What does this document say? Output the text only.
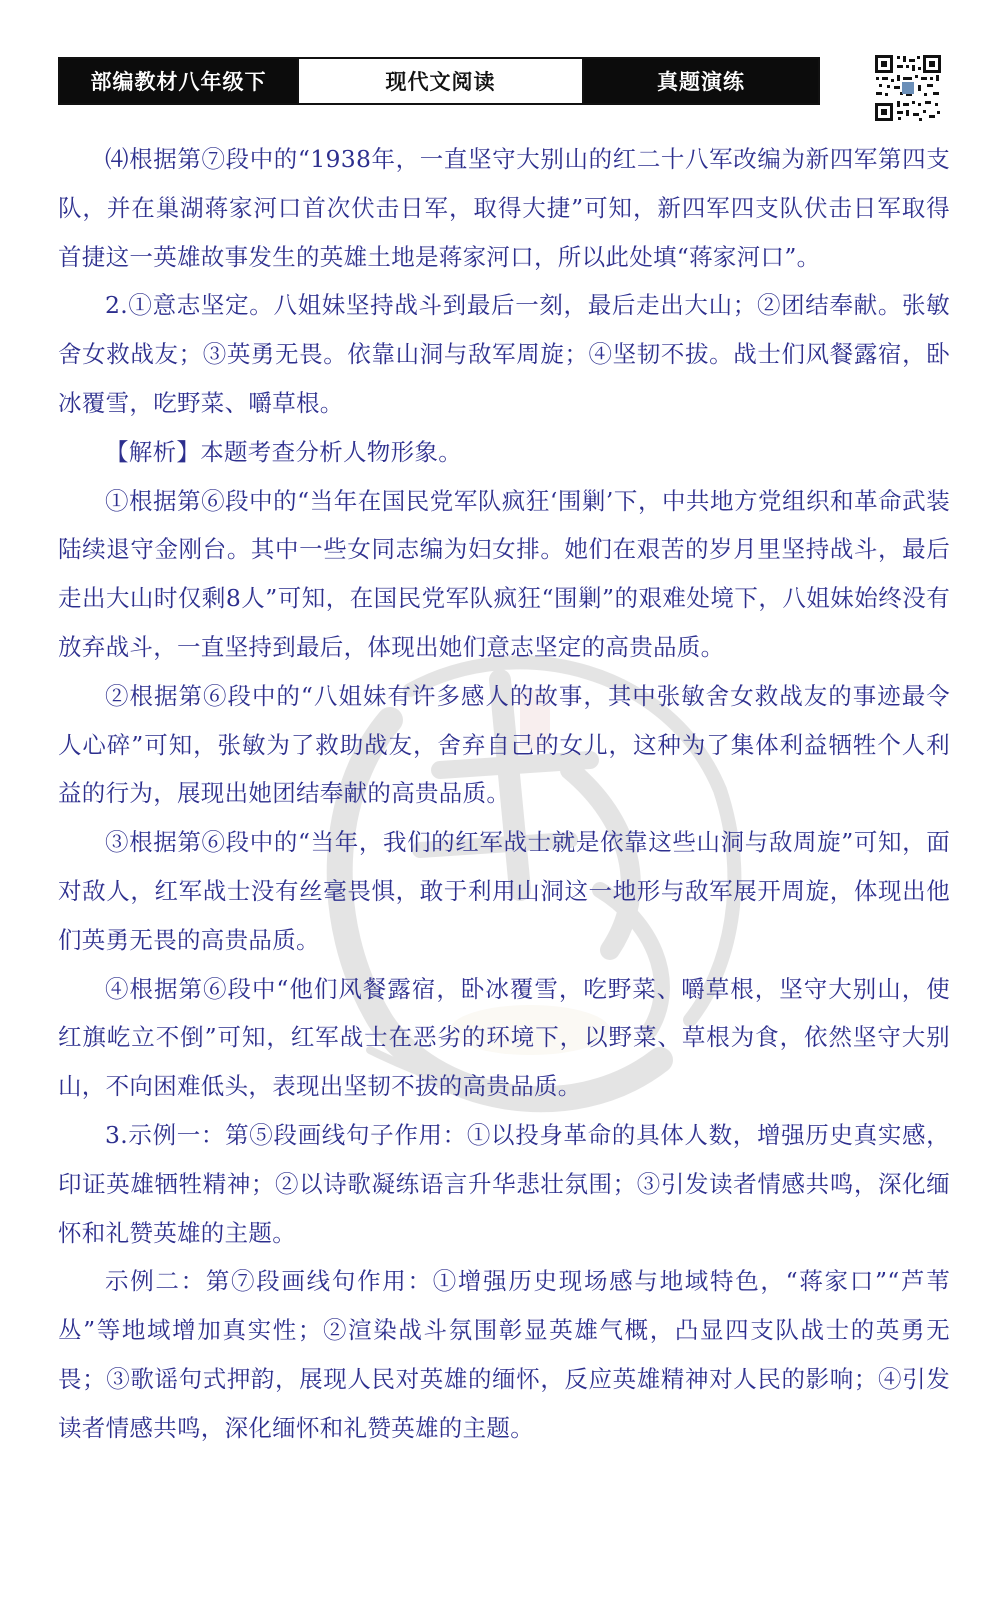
部编教材八年级下	现代文阅读	真题演练

⑷根据第⑦段中的“1938年，一直坚守大别山的红二十八军改编为新四军第四支队，并在巢湖蒋家河口首次伏击日军，取得大捷”可知，新四军四支队伏击日军取得首捷这一英雄故事发生的英雄土地是蒋家河口，所以此处填“蒋家河口”。

2.①意志坚定。八姐妹坚持战斗到最后一刻，最后走出大山；②团结奉献。张敏舍女救战友；③英勇无畏。依靠山洞与敌军周旋；④坚韧不拔。战士们风餐露宿，卧冰覆雪，吃野菜、嚼草根。

【解析】本题考查分析人物形象。

①根据第⑥段中的“当年在国民党军队疯狂‘围剿’下，中共地方党组织和革命武装陆续退守金刚台。其中一些女同志编为妇女排。她们在艰苦的岁月里坚持战斗，最后走出大山时仅剩8人”可知，在国民党军队疯狂“围剿”的艰难处境下，八姐妹始终没有放弃战斗，一直坚持到最后，体现出她们意志坚定的高贵品质。

②根据第⑥段中的“八姐妹有许多感人的故事，其中张敏舍女救战友的事迹最令人心碎”可知，张敏为了救助战友，舍弃自己的女儿，这种为了集体利益牺牲个人利益的行为，展现出她团结奉献的高贵品质。

③根据第⑥段中的“当年，我们的红军战士就是依靠这些山洞与敌周旋”可知，面对敌人，红军战士没有丝毫畏惧，敢于利用山洞这一地形与敌军展开周旋，体现出他们英勇无畏的高贵品质。

④根据第⑥段中“他们风餐露宿，卧冰覆雪，吃野菜、嚼草根，坚守大别山，使红旗屹立不倒”可知，红军战士在恶劣的环境下，以野菜、草根为食，依然坚守大别山，不向困难低头，表现出坚韧不拔的高贵品质。

3.示例一：第⑤段画线句子作用：①以投身革命的具体人数，增强历史真实感，印证英雄牺牲精神；②以诗歌凝练语言升华悲壮氛围；③引发读者情感共鸣，深化缅怀和礼赞英雄的主题。

示例二：第⑦段画线句作用：①增强历史现场感与地域特色，“蒋家口”“芦苇丛”等地域增加真实性；②渲染战斗氛围彰显英雄气概，凸显四支队战士的英勇无畏；③歌谣句式押韵，展现人民对英雄的缅怀，反应英雄精神对人民的影响；④引发读者情感共鸣，深化缅怀和礼赞英雄的主题。
